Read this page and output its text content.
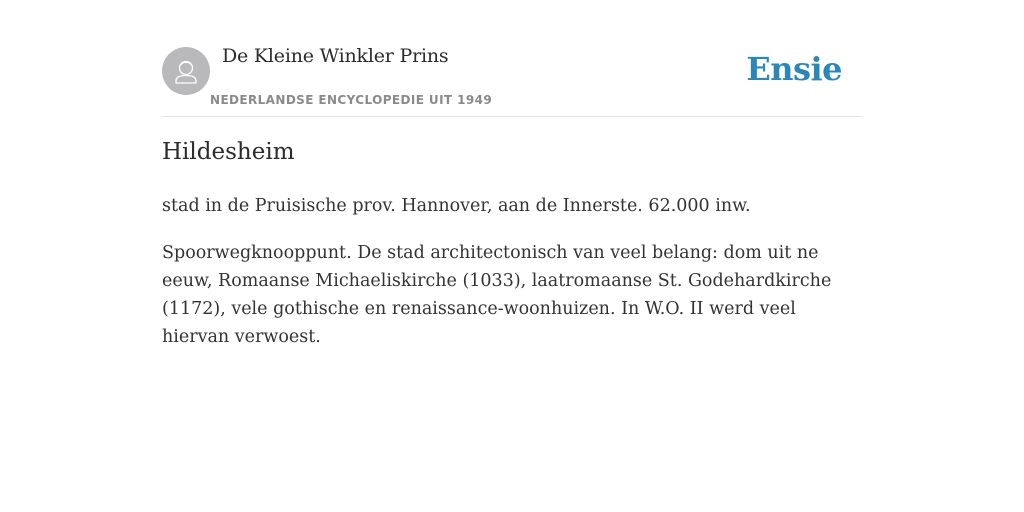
De Kleine Winkler Prins
NEDERLANDSE ENCYCLOPEDIE UIT 1949
Ensie
Hildesheim

stad in de Pruisische prov. Hannover, aan de Innerste. 62.000 inw.

Spoorwegknooppunt. De stad architectonisch van veel belang: dom uit ne eeuw, Romaanse Michaeliskirche (1033), laatromaanse St. Godehardkirche (1172), vele gothische en renaissance-woonhuizen. In W.O. II werd veel hiervan verwoest.
